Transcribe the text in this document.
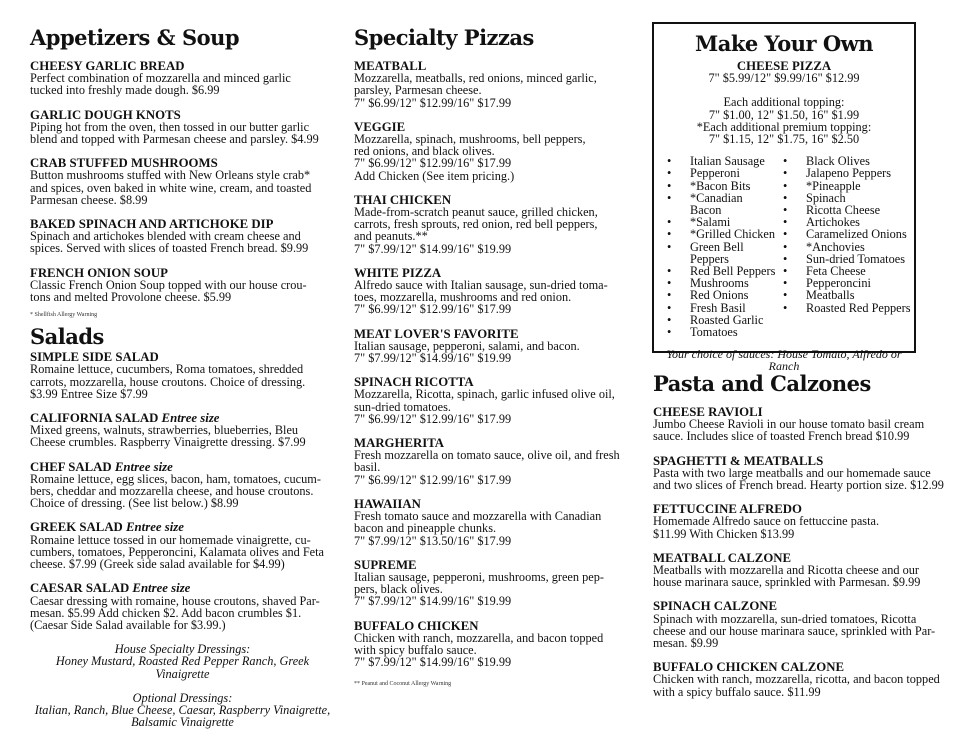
Appetizers & Soup
CHEESY GARLIC BREAD
Perfect combination of mozzarella and minced garlic
tucked into freshly made dough. $6.99
GARLIC DOUGH KNOTS
Piping hot from the oven, then tossed in our butter garlic
blend and topped with Parmesan cheese and parsley. $4.99
CRAB STUFFED MUSHROOMS
Button mushrooms stuffed with New Orleans style crab*
and spices, oven baked in white wine, cream, and toasted
Parmesan cheese. $8.99
BAKED SPINACH AND ARTICHOKE DIP
Spinach and artichokes blended with cream cheese and
spices. Served with slices of toasted French bread. $9.99
FRENCH ONION SOUP
Classic French Onion Soup topped with our house crou-
tons and melted Provolone cheese. $5.99
* Shellfish Allergy Warning
Salads
SIMPLE SIDE SALAD
Romaine lettuce, cucumbers, Roma tomatoes, shredded
carrots, mozzarella, house croutons. Choice of dressing.
$3.99 Entree Size $7.99
CALIFORNIA SALAD Entree size
Mixed greens, walnuts, strawberries, blueberries, Bleu
Cheese crumbles. Raspberry Vinaigrette dressing. $7.99
CHEF SALAD Entree size
Romaine lettuce, egg slices, bacon, ham, tomatoes, cucum-
bers, cheddar and mozzarella cheese, and house croutons.
Choice of dressing. (See list below.) $8.99
GREEK SALAD Entree size
Romaine lettuce tossed in our homemade vinaigrette, cu-
cumbers, tomatoes, Pepperoncini, Kalamata olives and Feta
cheese. $7.99 (Greek side salad available for $4.99)
CAESAR SALAD Entree size
Caesar dressing with romaine, house croutons, shaved Par-
mesan. $5.99 Add chicken $2. Add bacon crumbles $1.
(Caesar Side Salad available for $3.99.)
House Specialty Dressings:
Honey Mustard, Roasted Red Pepper Ranch, Greek Vinaigrette
Optional Dressings:
Italian, Ranch, Blue Cheese, Caesar, Raspberry Vinaigrette,
Balsamic Vinaigrette
Specialty Pizzas
MEATBALL
Mozzarella, meatballs, red onions, minced garlic,
parsley, Parmesan cheese.
7" $6.99/12" $12.99/16" $17.99
VEGGIE
Mozzarella, spinach, mushrooms, bell peppers,
red onions, and black olives.
7" $6.99/12" $12.99/16" $17.99
Add Chicken (See item pricing.)
THAI CHICKEN
Made-from-scratch peanut sauce, grilled chicken,
carrots, fresh sprouts, red onion, red bell peppers,
and peanuts.**
7" $7.99/12" $14.99/16" $19.99
WHITE PIZZA
Alfredo sauce with Italian sausage, sun-dried toma-
toes, mozzarella, mushrooms and red onion.
7" $6.99/12" $12.99/16" $17.99
MEAT LOVER'S FAVORITE
Italian sausage, pepperoni, salami, and bacon.
7" $7.99/12" $14.99/16" $19.99
SPINACH RICOTTA
Mozzarella, Ricotta, spinach, garlic infused olive oil,
sun-dried tomatoes.
7" $6.99/12" $12.99/16" $17.99
MARGHERITA
Fresh mozzarella on tomato sauce, olive oil, and fresh
basil.
7" $6.99/12" $12.99/16" $17.99
HAWAIIAN
Fresh tomato sauce and mozzarella with Canadian
bacon and pineapple chunks.
7" $7.99/12" $13.50/16" $17.99
SUPREME
Italian sausage, pepperoni, mushrooms, green pep-
pers, black olives.
7" $7.99/12" $14.99/16" $19.99
BUFFALO CHICKEN
Chicken with ranch, mozzarella, and bacon topped
with spicy buffalo sauce.
7" $7.99/12" $14.99/16" $19.99
** Peanut and Coconut Allergy Warning
Make Your Own
CHEESE PIZZA
7" $5.99/12" $9.99/16" $12.99
Each additional topping:
7" $1.00, 12" $1.50, 16" $1.99
*Each additional premium topping:
7" $1.15, 12" $1.75, 16" $2.50
• Italian Sausage
• Pepperoni
• *Bacon Bits
• *Canadian Bacon
• *Salami
• *Grilled Chicken
• Green Bell Peppers
• Red Bell Peppers
• Mushrooms
• Red Onions
• Fresh Basil
• Roasted Garlic
• Tomatoes
• Black Olives
• Jalapeno Peppers
• *Pineapple
• Spinach
• Ricotta Cheese
• Artichokes
• Caramelized Onions
• *Anchovies
• Sun-dried Tomatoes
• Feta Cheese
• Pepperoncini
• Meatballs
• Roasted Red Peppers
Your choice of sauces: House Tomato, Alfredo or Ranch
Pasta and Calzones
CHEESE RAVIOLI
Jumbo Cheese Ravioli in our house tomato basil cream
sauce. Includes slice of toasted French bread $10.99
SPAGHETTI & MEATBALLS
Pasta with two large meatballs and our homemade sauce
and two slices of French bread. Hearty portion size. $12.99
FETTUCCINE ALFREDO
Homemade Alfredo sauce on fettuccine pasta.
$11.99 With Chicken $13.99
MEATBALL CALZONE
Meatballs with mozzarella and Ricotta cheese and our
house marinara sauce, sprinkled with Parmesan. $9.99
SPINACH CALZONE
Spinach with mozzarella, sun-dried tomatoes, Ricotta
cheese and our house marinara sauce, sprinkled with Par-
mesan. $9.99
BUFFALO CHICKEN CALZONE
Chicken with ranch, mozzarella, ricotta, and bacon topped
with a spicy buffalo sauce. $11.99
